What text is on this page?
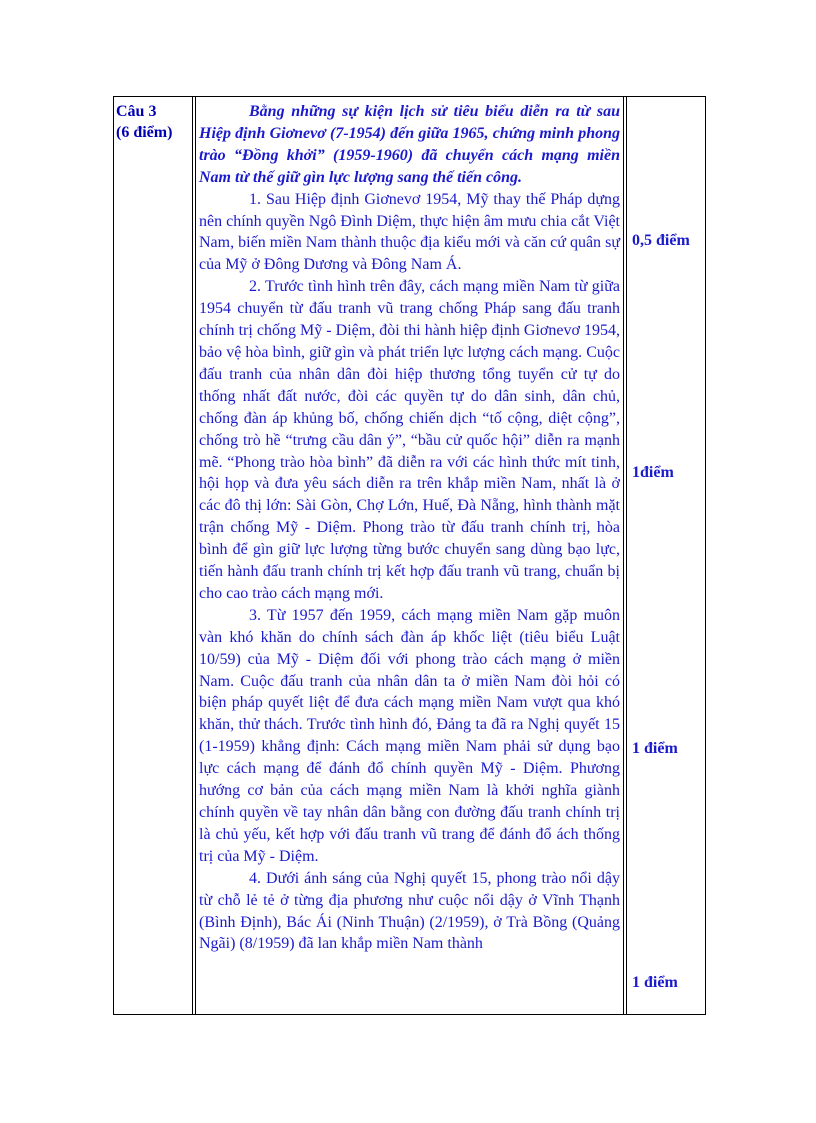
Câu 3
(6 điểm)

Bằng những sự kiện lịch sử tiêu biểu diễn ra từ sau Hiệp định Giơnevơ (7-1954) đến giữa 1965, chứng minh phong trào “Đồng khởi” (1959-1960) đã chuyển cách mạng miền Nam từ thế giữ gìn lực lượng sang thế tiến công.

1. Sau Hiệp định Giơnevơ 1954, Mỹ thay thế Pháp dựng nên chính quyền Ngô Đình Diệm, thực hiện âm mưu chia cắt Việt Nam, biến miền Nam thành thuộc địa kiểu mới và căn cứ quân sự của Mỹ ở Đông Dương và Đông Nam Á.

2. Trước tình hình trên đây, cách mạng miền Nam từ giữa 1954 chuyển từ đấu tranh vũ trang chống Pháp sang đấu tranh chính trị chống Mỹ - Diệm, đòi thi hành hiệp định Giơnevơ 1954, bảo vệ hòa bình, giữ gìn và phát triển lực lượng cách mạng. Cuộc đấu tranh của nhân dân đòi hiệp thương tổng tuyển cử tự do thống nhất đất nước, đòi các quyền tự do dân sinh, dân chủ, chống đàn áp khủng bố, chống chiến dịch “tố cộng, diệt cộng”, chống trò hề “trưng cầu dân ý”, “bầu cử quốc hội” diễn ra mạnh mẽ. “Phong trào hòa bình” đã diễn ra với các hình thức mít tinh, hội họp và đưa yêu sách diễn ra trên khắp miền Nam, nhất là ở các đô thị lớn: Sài Gòn, Chợ Lớn, Huế, Đà Nẵng, hình thành mặt trận chống Mỹ - Diệm. Phong trào từ đấu tranh chính trị, hòa bình để gìn giữ lực lượng từng bước chuyển sang dùng bạo lực, tiến hành đấu tranh chính trị kết hợp đấu tranh vũ trang, chuẩn bị cho cao trào cách mạng mới.

3. Từ 1957 đến 1959, cách mạng miền Nam gặp muôn vàn khó khăn do chính sách đàn áp khốc liệt (tiêu biểu Luật 10/59) của Mỹ - Diệm đối với phong trào cách mạng ở miền Nam. Cuộc đấu tranh của nhân dân ta ở miền Nam đòi hỏi có biện pháp quyết liệt để đưa cách mạng miền Nam vượt qua khó khăn, thử thách. Trước tình hình đó, Đảng ta đã ra Nghị quyết 15 (1-1959) khẳng định: Cách mạng miền Nam phải sử dụng bạo lực cách mạng để đánh đổ chính quyền Mỹ - Diệm. Phương hướng cơ bản của cách mạng miền Nam là khởi nghĩa giành chính quyền về tay nhân dân bằng con đường đấu tranh chính trị là chủ yếu, kết hợp với đấu tranh vũ trang để đánh đổ ách thống trị của Mỹ - Diệm.

4. Dưới ánh sáng của Nghị quyết 15, phong trào nổi dậy từ chỗ lẻ tẻ ở từng địa phương như cuộc nổi dậy ở Vĩnh Thạnh (Bình Định), Bác Ái (Ninh Thuận) (2/1959), ở Trà Bồng (Quảng Ngãi) (8/1959) đã lan khắp miền Nam thành

0,5 điểm
1điểm
1 điểm
1 điểm
